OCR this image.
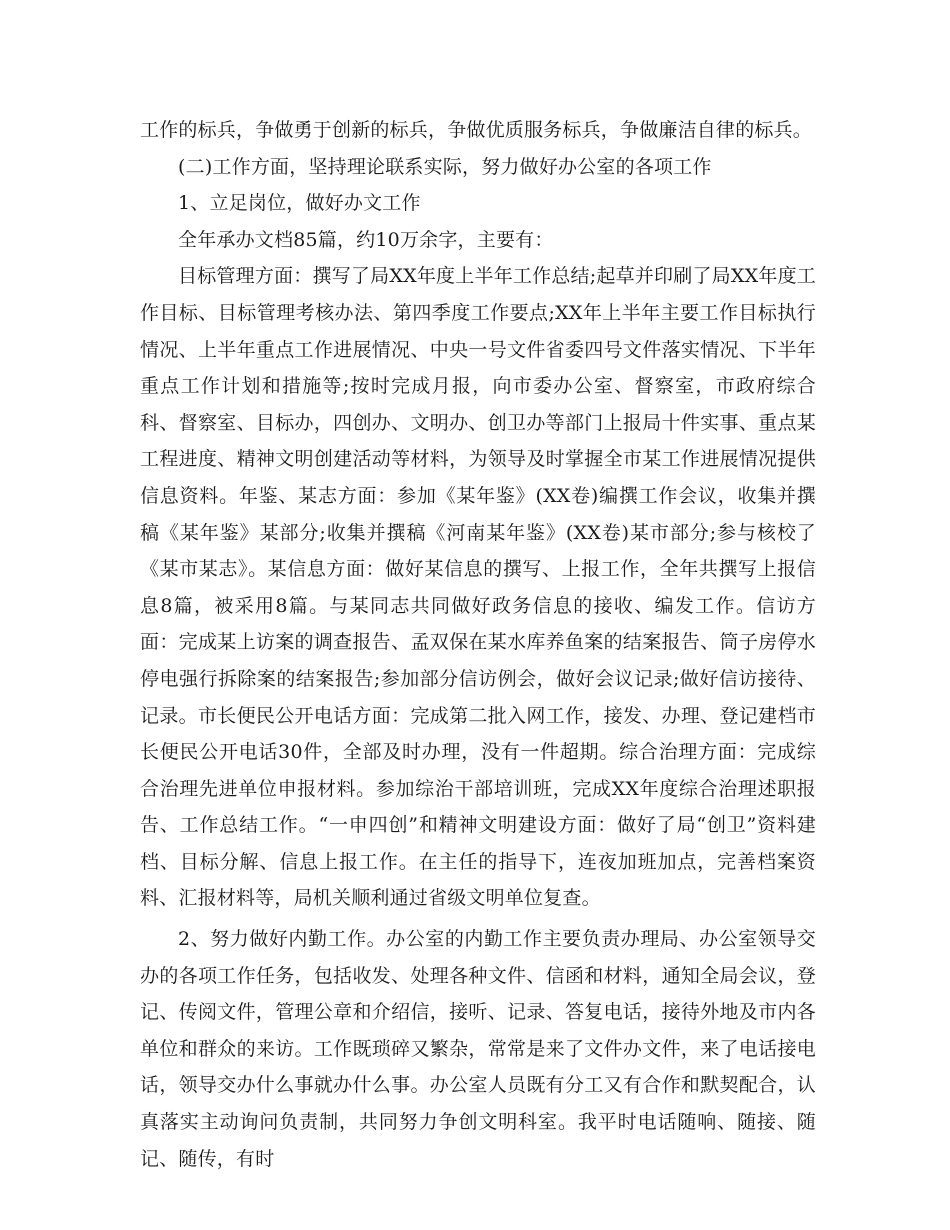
工作的标兵，争做勇于创新的标兵，争做优质服务标兵，争做廉洁自律的标兵。

(二)工作方面，坚持理论联系实际，努力做好办公室的各项工作

1、立足岗位，做好办文工作

全年承办文档85篇，约10万余字，主要有：

目标管理方面：撰写了局XX年度上半年工作总结;起草并印刷了局XX年度工作目标、目标管理考核办法、第四季度工作要点;XX年上半年主要工作目标执行情况、上半年重点工作进展情况、中央一号文件省委四号文件落实情况、下半年重点工作计划和措施等;按时完成月报，向市委办公室、督察室，市政府综合科、督察室、目标办，四创办、文明办、创卫办等部门上报局十件实事、重点某工程进度、精神文明创建活动等材料，为领导及时掌握全市某工作进展情况提供信息资料。年鉴、某志方面：参加《某年鉴》(XX卷)编撰工作会议，收集并撰稿《某年鉴》某部分;收集并撰稿《河南某年鉴》(XX卷)某市部分;参与核校了《某市某志》。某信息方面：做好某信息的撰写、上报工作，全年共撰写上报信息8篇，被采用8篇。与某同志共同做好政务信息的接收、编发工作。信访方面：完成某上访案的调查报告、孟双保在某水库养鱼案的结案报告、筒子房停水停电强行拆除案的结案报告;参加部分信访例会，做好会议记录;做好信访接待、记录。市长便民公开电话方面：完成第二批入网工作，接发、办理、登记建档市长便民公开电话30件，全部及时办理，没有一件超期。综合治理方面：完成综合治理先进单位申报材料。参加综治干部培训班，完成XX年度综合治理述职报告、工作总结工作。“一申四创”和精神文明建设方面：做好了局“创卫”资料建档、目标分解、信息上报工作。在主任的指导下，连夜加班加点，完善档案资料、汇报材料等，局机关顺利通过省级文明单位复查。

2、努力做好内勤工作。办公室的内勤工作主要负责办理局、办公室领导交办的各项工作任务，包括收发、处理各种文件、信函和材料，通知全局会议，登记、传阅文件，管理公章和介绍信，接听、记录、答复电话，接待外地及市内各单位和群众的来访。工作既琐碎又繁杂，常常是来了文件办文件，来了电话接电话，领导交办什么事就办什么事。办公室人员既有分工又有合作和默契配合，认真落实主动询问负责制，共同努力争创文明科室。我平时电话随响、随接、随记、随传，有时
